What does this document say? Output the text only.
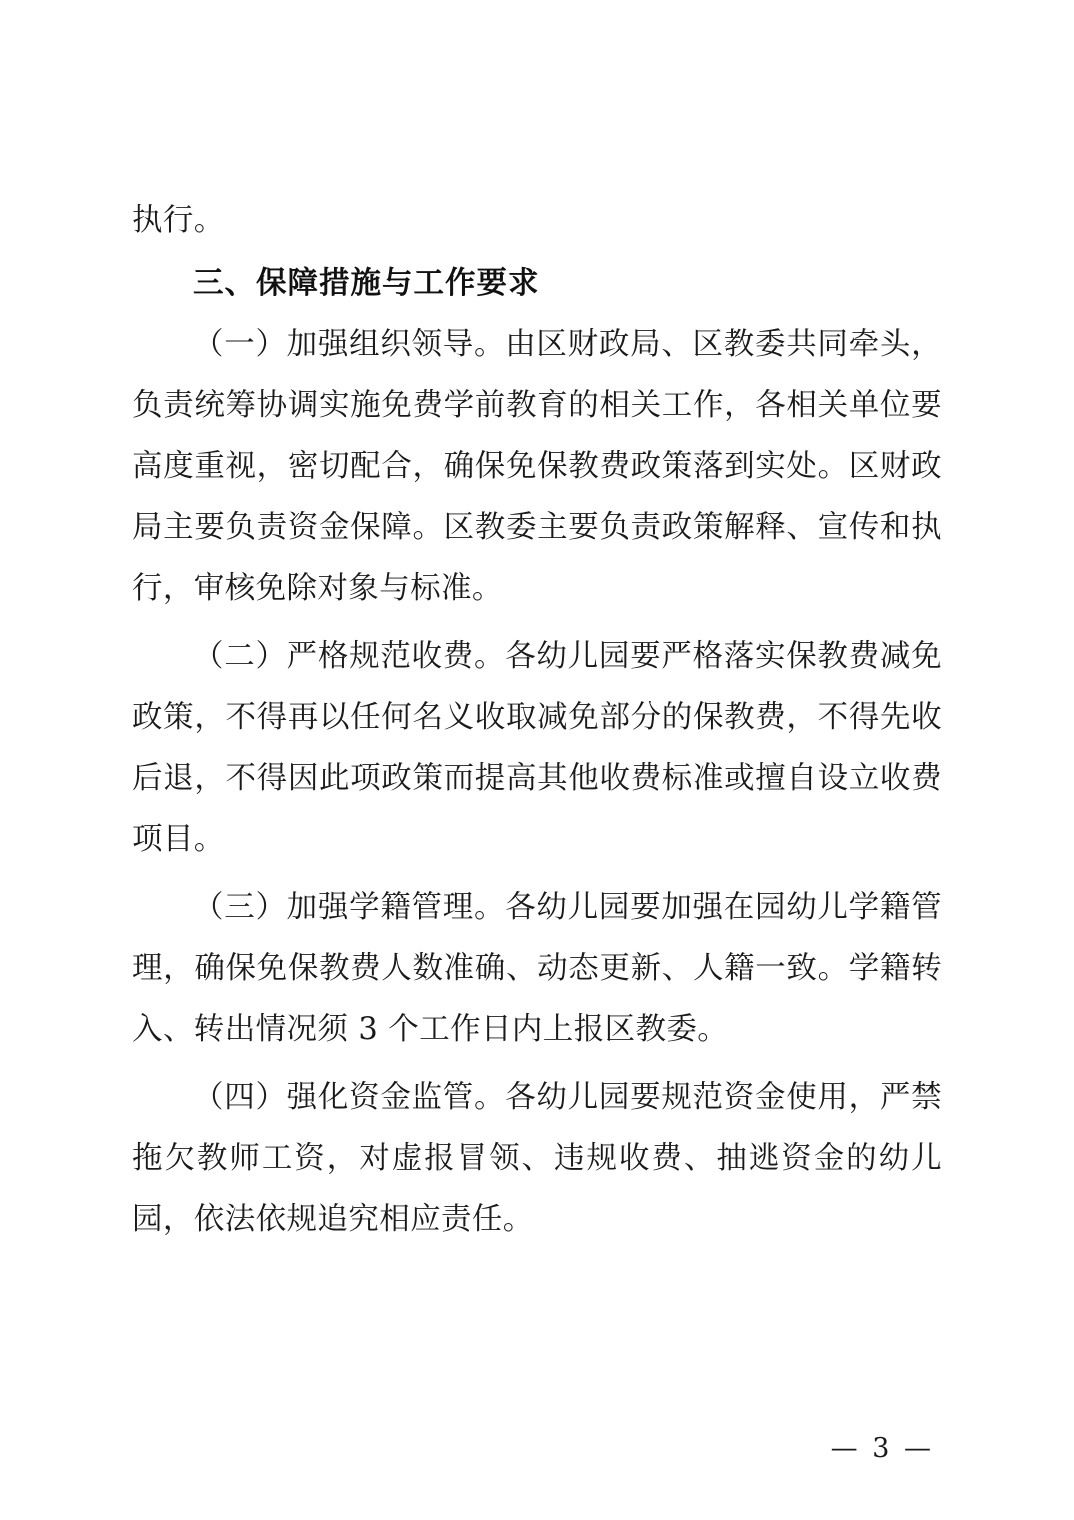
执行。

三、保障措施与工作要求

（一）加强组织领导。由区财政局、区教委共同牵头，负责统筹协调实施免费学前教育的相关工作，各相关单位要高度重视，密切配合，确保免保教费政策落到实处。区财政局主要负责资金保障。区教委主要负责政策解释、宣传和执行，审核免除对象与标准。

（二）严格规范收费。各幼儿园要严格落实保教费减免政策，不得再以任何名义收取减免部分的保教费，不得先收后退，不得因此项政策而提高其他收费标准或擅自设立收费项目。

（三）加强学籍管理。各幼儿园要加强在园幼儿学籍管理，确保免保教费人数准确、动态更新、人籍一致。学籍转入、转出情况须 3 个工作日内上报区教委。

（四）强化资金监管。各幼儿园要规范资金使用，严禁拖欠教师工资，对虚报冒领、违规收费、抽逃资金的幼儿园，依法依规追究相应责任。

— 3 —
